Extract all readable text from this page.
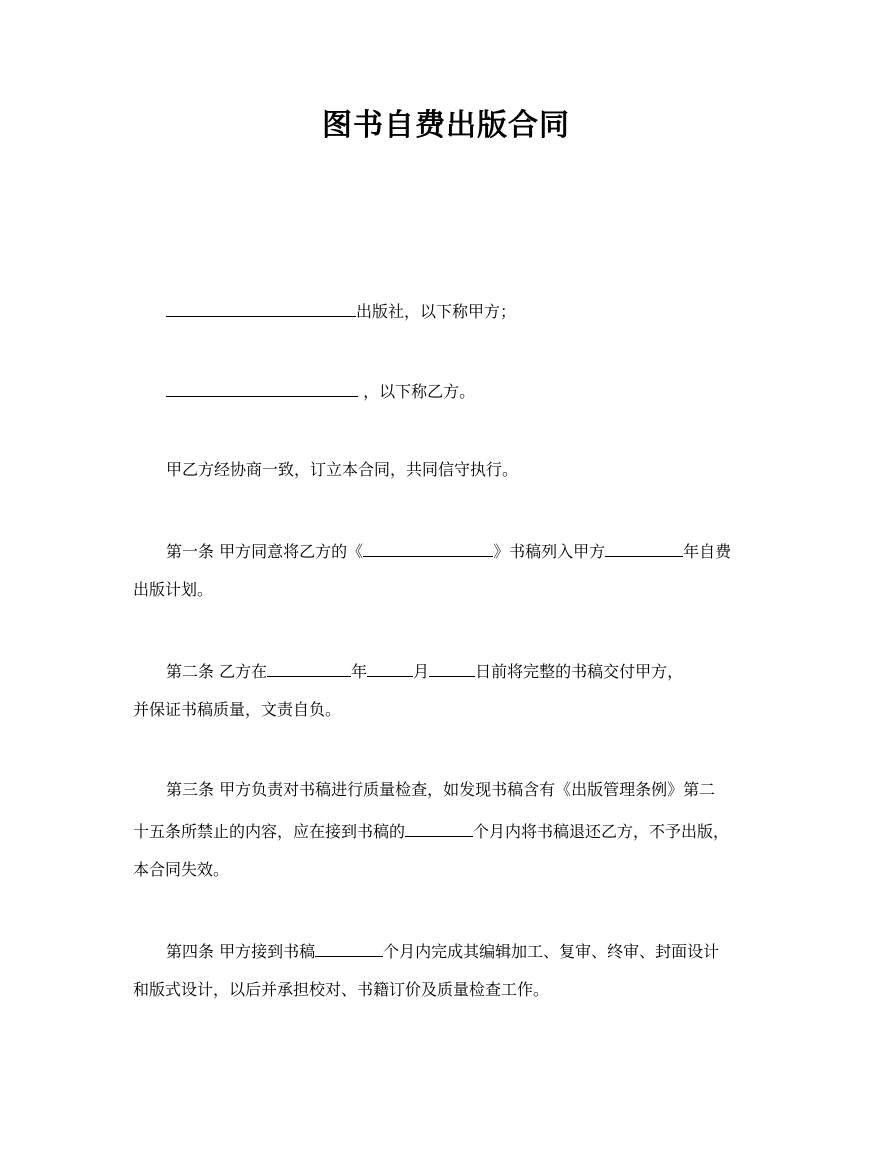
图书自费出版合同
出版社，以下称甲方；
，以下称乙方。
甲乙方经协商一致，订立本合同，共同信守执行。
第一条 甲方同意将乙方的《	》书稿列入甲方	年自费
出版计划。
第二条 乙方在	年	月	日前将完整的书稿交付甲方，
并保证书稿质量，文责自负。
第三条 甲方负责对书稿进行质量检查，如发现书稿含有《出版管理条例》第二
十五条所禁止的内容，应在接到书稿的	个月内将书稿退还乙方，不予出版，
本合同失效。
第四条 甲方接到书稿	个月内完成其编辑加工、复审、终审、封面设计
和版式设计，以后并承担校对、书籍订价及质量检查工作。
